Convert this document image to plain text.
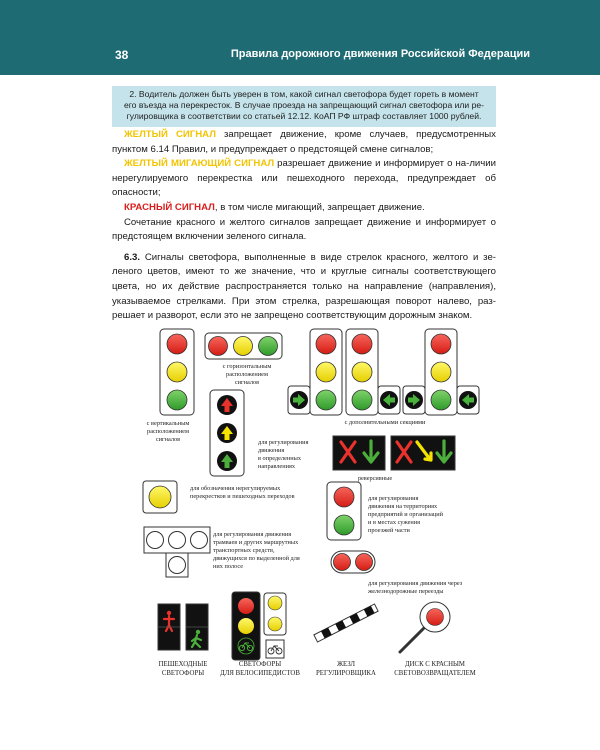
38	Правила дорожного движения Российской Федерации

2. Водитель должен быть уверен в том, какой сигнал светофора будет гореть в момент

его въезда на перекресток. В случае проезда на запрещающий сигнал светофора или ре-

гулировщика в соответствии со статьей 12.12. КоАП РФ штраф составляет 1000 рублей.

ЖЕЛТЫЙ СИГНАЛ запрещает движение, кроме случаев, предусмотренных пунктом 6.14 Правил, и предупреждает о предстоящей смене сигналов;

ЖЕЛТЫЙ МИГАЮЩИЙ СИГНАЛ разрешает движение и информирует о на-личии нерегулируемого перекрестка или пешеходного перехода, предупреждает об опасности;

КРАСНЫЙ СИГНАЛ, в том числе мигающий, запрещает движение.

Сочетание красного и желтого сигналов запрещает движение и информирует о предстоящем включении зеленого сигнала.

6.3. Сигналы светофора, выполненные в виде стрелок красного, желтого и зе-леного цветов, имеют то же значение, что и круглые сигналы соответствующего цвета, но их действие распространяется только на направление (направления), указываемое стрелками. При этом стрелка, разрешающая поворот налево, раз-решает и разворот, если это не запрещено соответствующим дорожным знаком.

с вертикальным
расположением
сигналов
с горизонтальным
расположением
сигналов
для регулирования
движения
в определенных
направлениях
с дополнительными секциями
реверсивные
для обозначения нерегулируемых
перекрестков и пешеходных переходов	для регулирования
движения на территориях
предприятий и организаций
и в местах сужения
проезжей части
для регулирования движения
трамваев и других маршрутных
транспортных средств,
движущихся по выделенной для
них полосе
для регулирования движения через
железнодорожные переезды
ПЕШЕХОДНЫЕ
СВЕТОФОРЫ
СВЕТОФОРЫ
ДЛЯ ВЕЛОСИПЕДИСТОВ
ЖЕЗЛ
РЕГУЛИРОВЩИКА
ДИСК С КРАСНЫМ
СВЕТОВОЗВРАЩАТЕЛЕМ
